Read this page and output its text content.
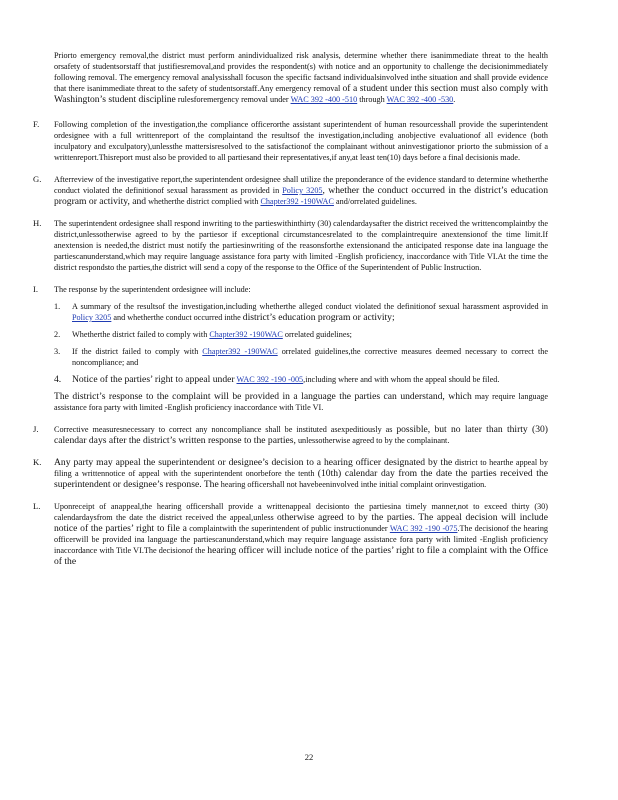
Priorto emergency removal,the district must perform anindividualized risk analysis, determine whether there isanimmediate threat to the health orsafety of studentsorstaff that justifiesremoval,and provides the respondent(s) with notice and an opportunity to challenge the decisionimmediately following removal. The emergency removal analysisshall focuson the specific factsand individualsinvolved inthe situation and shall provide evidence that there isanimmediate threat to the safety of studentsorstaff.Any emergency removal of a student under this section must also comply with Washington’s student discipline rulesforemergency removal under WAC 392 -400 -510 through WAC 392 -400 -530.

F.	Following completion of the investigation,the compliance officerorthe assistant superintendent of human resourcesshall provide the superintendent ordesignee with a full writtenreport of the complaintand the resultsof the investigation,including anobjective evaluationof all evidence (both inculpatory and exculpatory),unlessthe mattersisresolved to the satisfactionof the complainant without aninvestigationor priorto the submission of a writtenreport.Thisreport must also be provided to all partiesand their representatives,if any,at least ten(10) days before a final decisionis made.

G.	Afterreview of the investigative report,the superintendent ordesignee shall utilize the preponderance of the evidence standard to determine whetherthe conduct violated the definitionof sexual harassment as provided in Policy 3205, whether the conduct occurred in the district’s education program or activity, and whetherthe district complied with Chapter392 -190WAC and/orrelated guidelines.

H.	The superintendent ordesignee shall respond inwriting to the partieswithinthirty (30) calendardaysafter the district received the writtencomplaintby the district,unlessotherwise agreed to by the partiesor if exceptional circumstancesrelated to the complaintrequire anextensionof the time limit.If anextension is needed,the district must notify the partiesinwriting of the reasonsforthe extensionand the anticipated response date ina language the partiescanunderstand,which may require language assistance fora party with limited -English proficiency, inaccordance with Title VI.At the time the district respondsto the parties,the district will send a copy of the response to the Office of the Superintendent of Public Instruction.

I.	The response by the superintendent ordesignee will include:

1. A summary of the resultsof the investigation,including whetherthe alleged conduct violated the definitionof sexual harassment asprovided in Policy 3205 and whetherthe conduct occurred inthe district’s education program or activity;
2. Whetherthe district failed to comply with Chapter392 -190WAC orrelated guidelines;
3. If the district failed to comply with Chapter392 -190WAC orrelated guidelines,the corrective measures deemed necessary to correct the noncompliance; and
4. Notice of the parties’ right to appeal under WAC 392 -190 -005,including where and with whom the appeal should be filed.

The district’s response to the complaint will be provided in a language the parties can understand, which may require language assistance fora party with limited -English proficiency inaccordance with Title VI.

J.	Corrective measuresnecessary to correct any noncompliance shall be instituted asexpeditiously as possible, but no later than thirty (30) calendar days after the district’s written response to the parties, unlessotherwise agreed to by the complainant.

K.	Any party may appeal the superintendent or designee’s decision to a hearing officer designated by the district to hearthe appeal by filing a writtennotice of appeal with the superintendent onorbefore the tenth (10th) calendar day from the date the parties received the superintendent or designee’s response. The hearing officershall not havebeeninvolved inthe initial complaint orinvestigation.

L.	Uponreceipt of anappeal,the hearing officershall provide a writtenappeal decisionto the partiesina timely manner,not to exceed thirty (30) calendardaysfrom the date the district received the appeal,unless otherwise agreed to by the parties. The appeal decision will include notice of the parties’ right to file a complaintwith the superintendent of public instructionunder WAC 392 -190 -075.The decisionof the hearing officerwill be provided ina language the partiescanunderstand,which may require language assistance fora party with limited -English proficiency inaccordance with Title VI.The decisionof the hearing officer will include notice of the parties’ right to file a complaint with the Office of the

22
